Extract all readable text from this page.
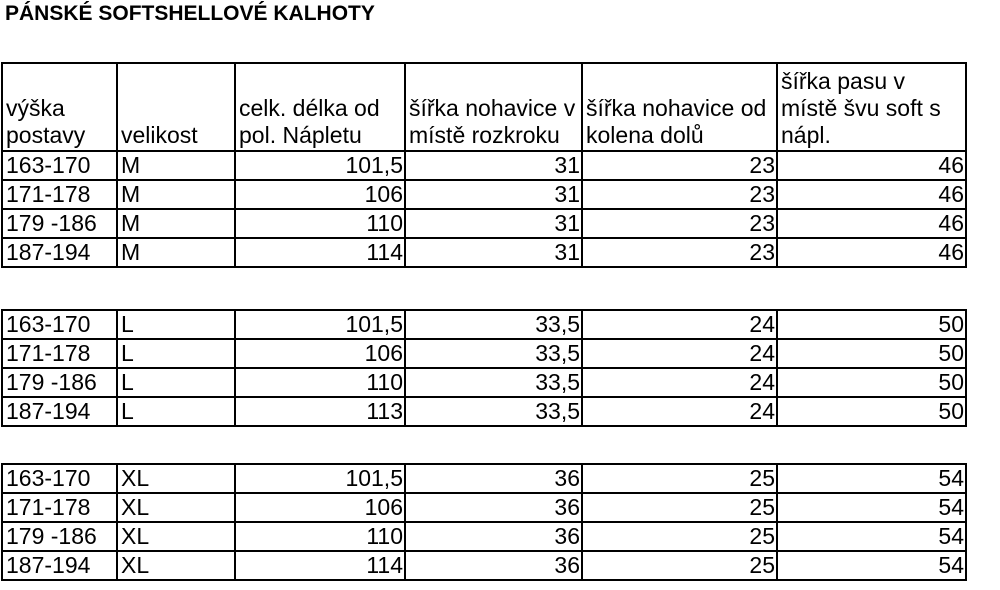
PÁNSKÉ SOFTSHELLOVÉ KALHOTY
výška postavy	velikost	celk. délka od pol. Nápletu	šířka nohavice v místě rozkroku	šířka nohavice od kolena dolů	šířka pasu v místě švu soft s nápl.
163-170	M	101,5	31	23	46
171-178	M	106	31	23	46
179 -186	M	110	31	23	46
187-194	M	114	31	23	46
163-170	L	101,5	33,5	24	50
171-178	L	106	33,5	24	50
179 -186	L	110	33,5	24	50
187-194	L	113	33,5	24	50
163-170	XL	101,5	36	25	54
171-178	XL	106	36	25	54
179 -186	XL	110	36	25	54
187-194	XL	114	36	25	54
